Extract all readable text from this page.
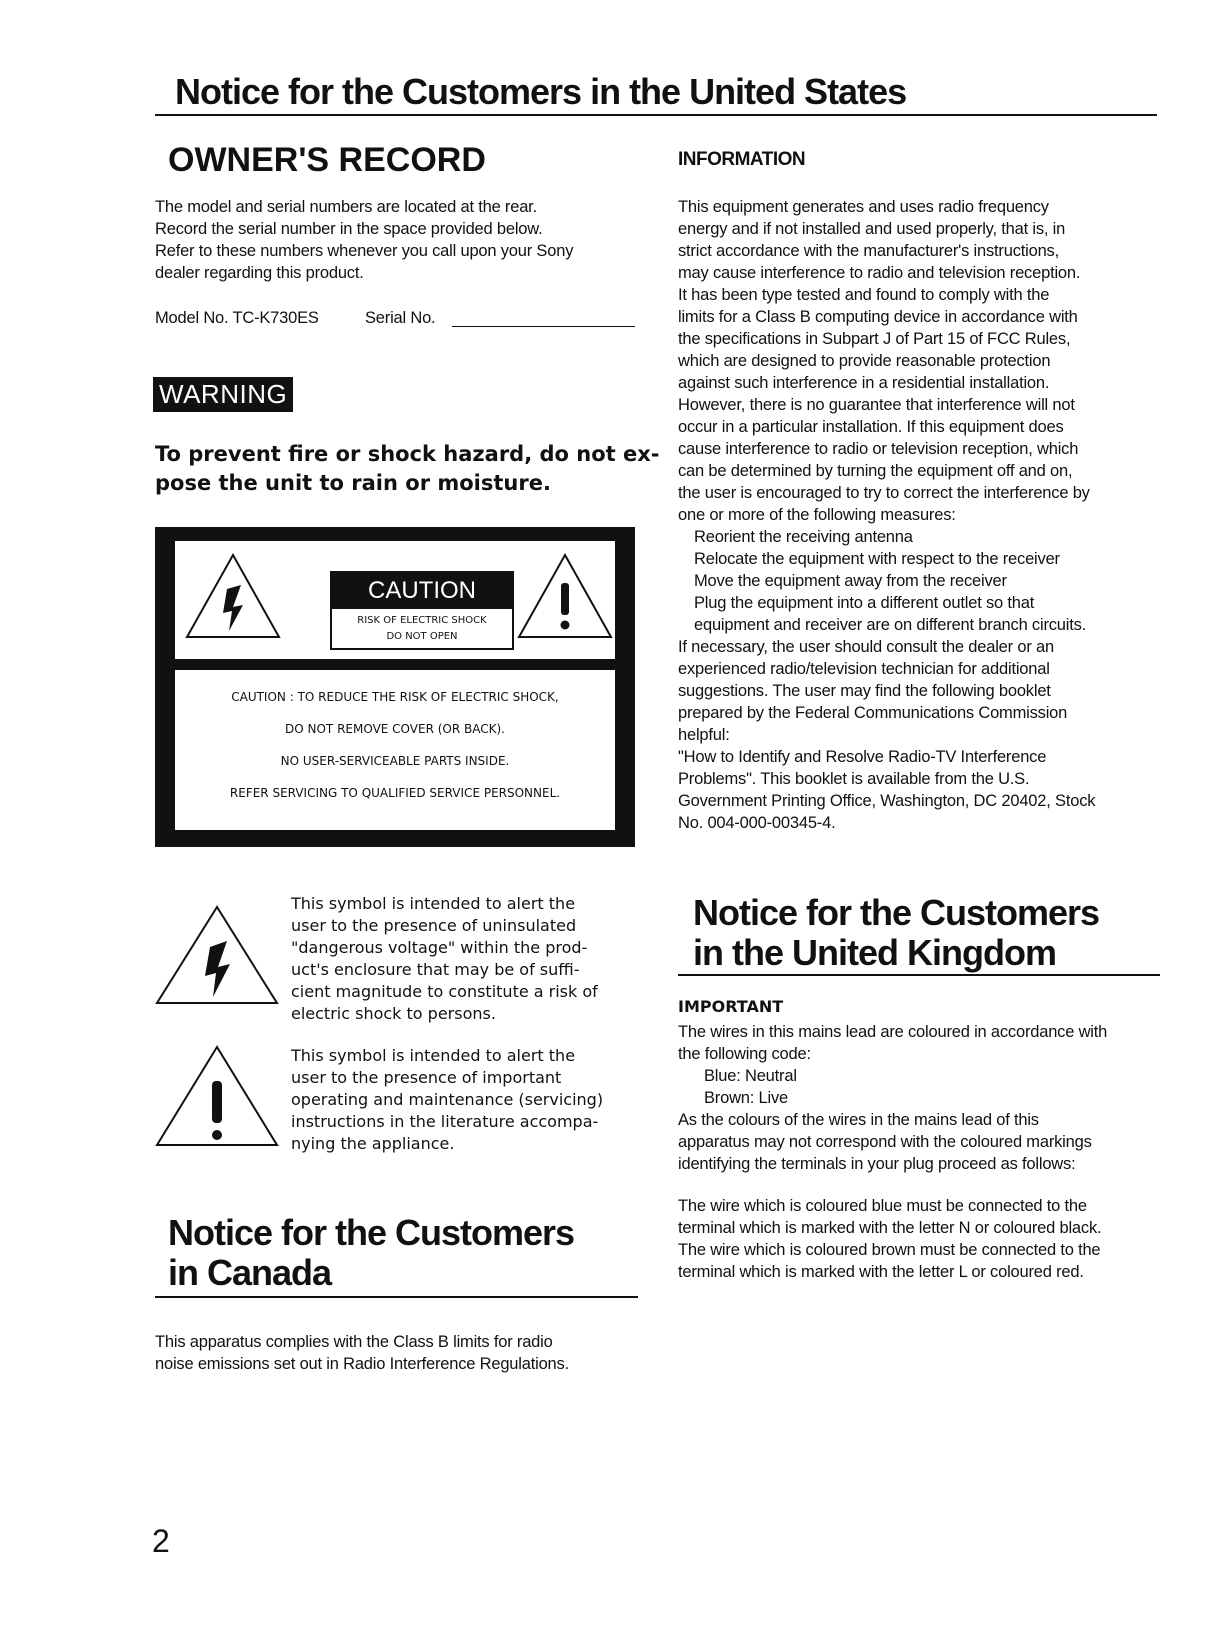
Notice for the Customers in the United States
OWNER'S RECORD

The model and serial numbers are located at the rear.

Record the serial number in the space provided below.

Refer to these numbers whenever you call upon your Sony

dealer regarding this product.

Model No. TC-K730ES	Serial No.
WARNING
To prevent fire or shock hazard, do not ex-
pose the unit to rain or moisture.
CAUTION
RISK OF ELECTRIC SHOCK
DO NOT OPEN
CAUTION : TO REDUCE THE RISK OF ELECTRIC SHOCK,
DO NOT REMOVE COVER (OR BACK).
NO USER-SERVICEABLE PARTS INSIDE.
REFER SERVICING TO QUALIFIED SERVICE PERSONNEL.
This symbol is intended to alert the
user to the presence of uninsulated
"dangerous voltage" within the prod-
uct's enclosure that may be of suffi-
cient magnitude to constitute a risk of
electric shock to persons.
This symbol is intended to alert the
user to the presence of important
operating and maintenance (servicing)
instructions in the literature accompa-
nying the appliance.
Notice for the Customers
in Canada

This apparatus complies with the Class B limits for radio

noise emissions set out in Radio Interference Regulations.

INFORMATION

This equipment generates and uses radio frequency

energy and if not installed and used properly, that is, in

strict accordance with the manufacturer's instructions,

may cause interference to radio and television reception.

It has been type tested and found to comply with the

limits for a Class B computing device in accordance with

the specifications in Subpart J of Part 15 of FCC Rules,

which are designed to provide reasonable protection

against such interference in a residential installation.

However, there is no guarantee that interference will not

occur in a particular installation. If this equipment does

cause interference to radio or television reception, which

can be determined by turning the equipment off and on,

the user is encouraged to try to correct the interference by

one or more of the following measures:

Reorient the receiving antenna

Relocate the equipment with respect to the receiver

Move the equipment away from the receiver

Plug the equipment into a different outlet so that

equipment and receiver are on different branch circuits.

If necessary, the user should consult the dealer or an

experienced radio/television technician for additional

suggestions. The user may find the following booklet

prepared by the Federal Communications Commission

helpful:

"How to Identify and Resolve Radio-TV Interference

Problems". This booklet is available from the U.S.

Government Printing Office, Washington, DC 20402, Stock

No. 004-000-00345-4.

Notice for the Customers
in the United Kingdom
IMPORTANT

The wires in this mains lead are coloured in accordance with

the following code:

Blue: Neutral

Brown: Live

As the colours of the wires in the mains lead of this

apparatus may not correspond with the coloured markings

identifying the terminals in your plug proceed as follows:

The wire which is coloured blue must be connected to the

terminal which is marked with the letter N or coloured black.

The wire which is coloured brown must be connected to the

terminal which is marked with the letter L or coloured red.

2
